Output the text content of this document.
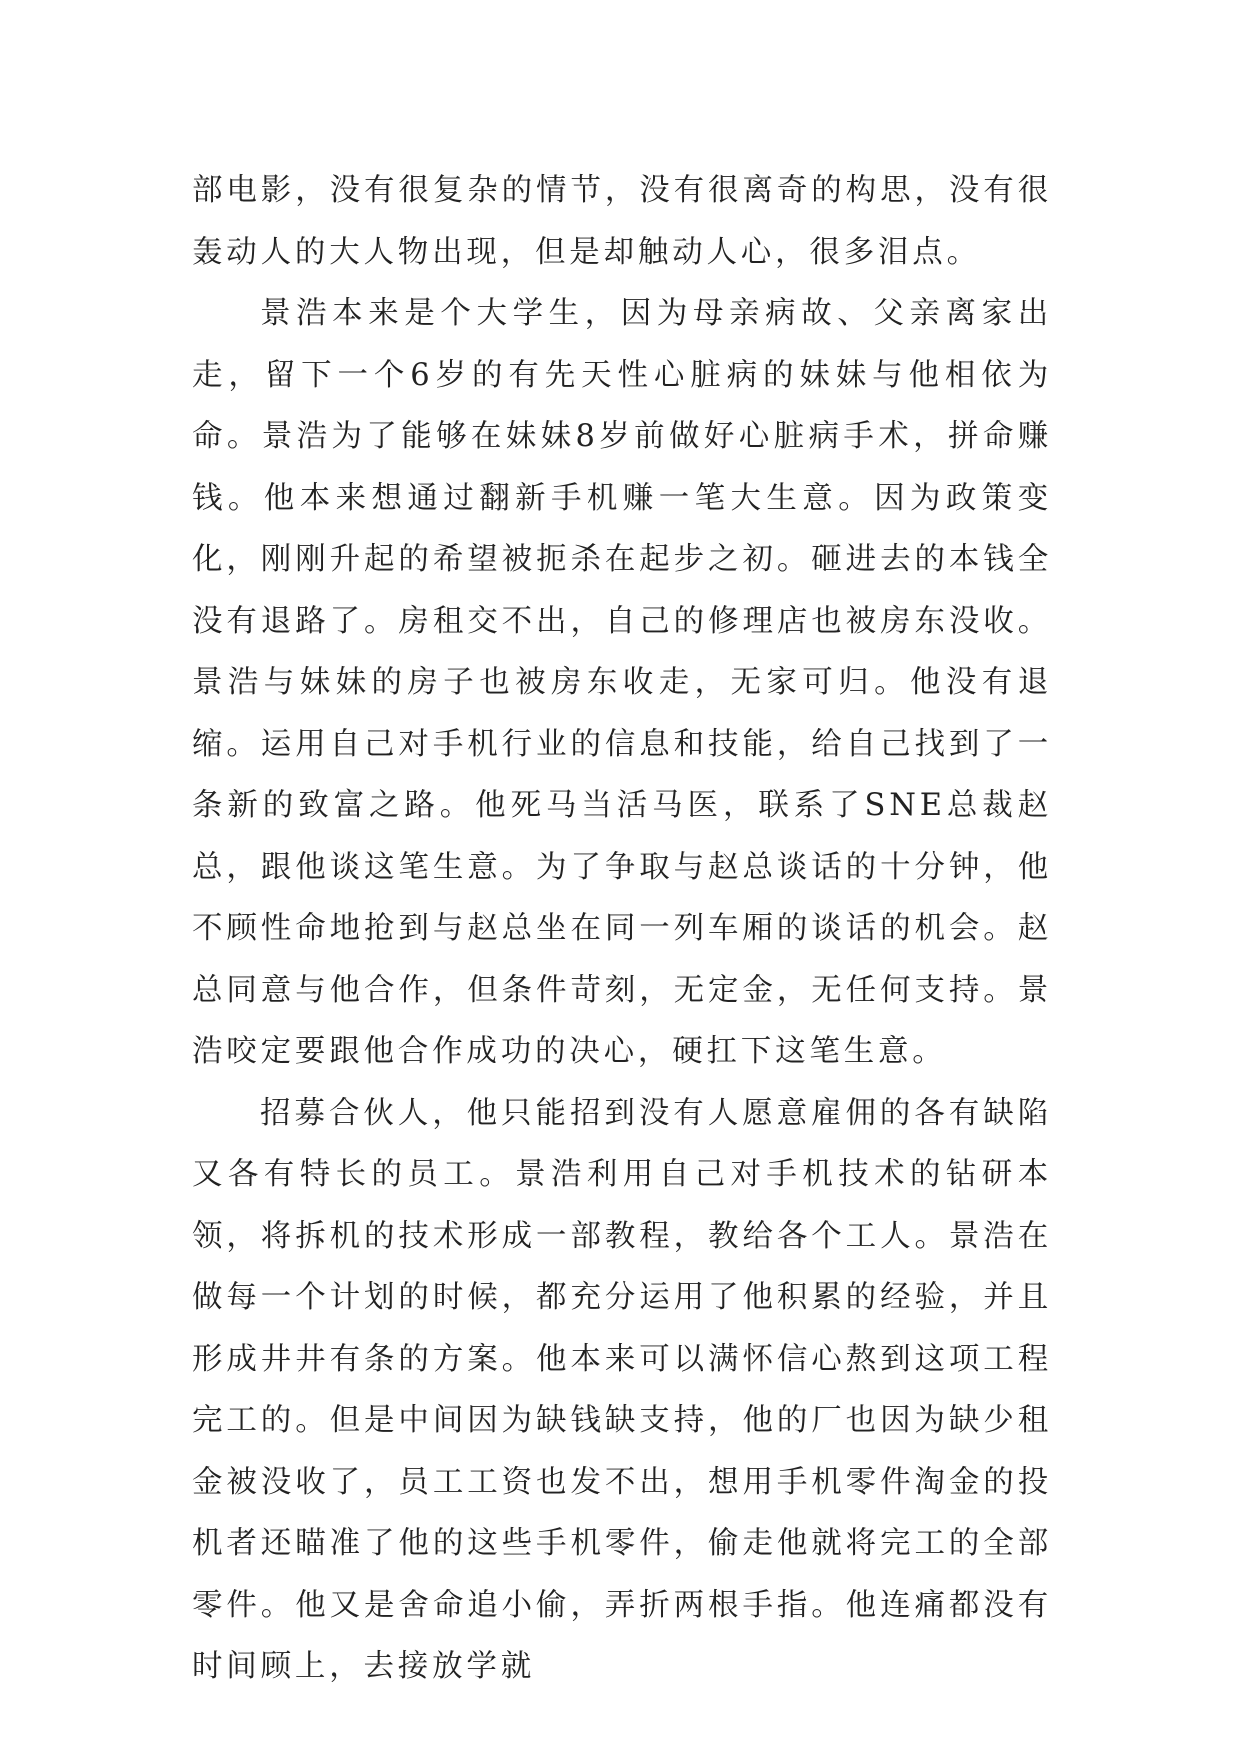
部电影，没有很复杂的情节，没有很离奇的构思，没有很轰动人的大人物出现，但是却触动人心，很多泪点。

景浩本来是个大学生，因为母亲病故、父亲离家出走，留下一个6岁的有先天性心脏病的妹妹与他相依为命。景浩为了能够在妹妹8岁前做好心脏病手术，拼命赚钱。他本来想通过翻新手机赚一笔大生意。因为政策变化，刚刚升起的希望被扼杀在起步之初。砸进去的本钱全没有退路了。房租交不出，自己的修理店也被房东没收。景浩与妹妹的房子也被房东收走，无家可归。他没有退缩。运用自己对手机行业的信息和技能，给自己找到了一条新的致富之路。他死马当活马医，联系了SNE总裁赵总，跟他谈这笔生意。为了争取与赵总谈话的十分钟，他不顾性命地抢到与赵总坐在同一列车厢的谈话的机会。赵总同意与他合作，但条件苛刻，无定金，无任何支持。景浩咬定要跟他合作成功的决心，硬扛下这笔生意。

招募合伙人，他只能招到没有人愿意雇佣的各有缺陷又各有特长的员工。景浩利用自己对手机技术的钻研本领，将拆机的技术形成一部教程，教给各个工人。景浩在做每一个计划的时候，都充分运用了他积累的经验，并且形成井井有条的方案。他本来可以满怀信心熬到这项工程完工的。但是中间因为缺钱缺支持，他的厂也因为缺少租金被没收了，员工工资也发不出，想用手机零件淘金的投机者还瞄准了他的这些手机零件，偷走他就将完工的全部零件。他又是舍命追小偷，弄折两根手指。他连痛都没有时间顾上，去接放学就
